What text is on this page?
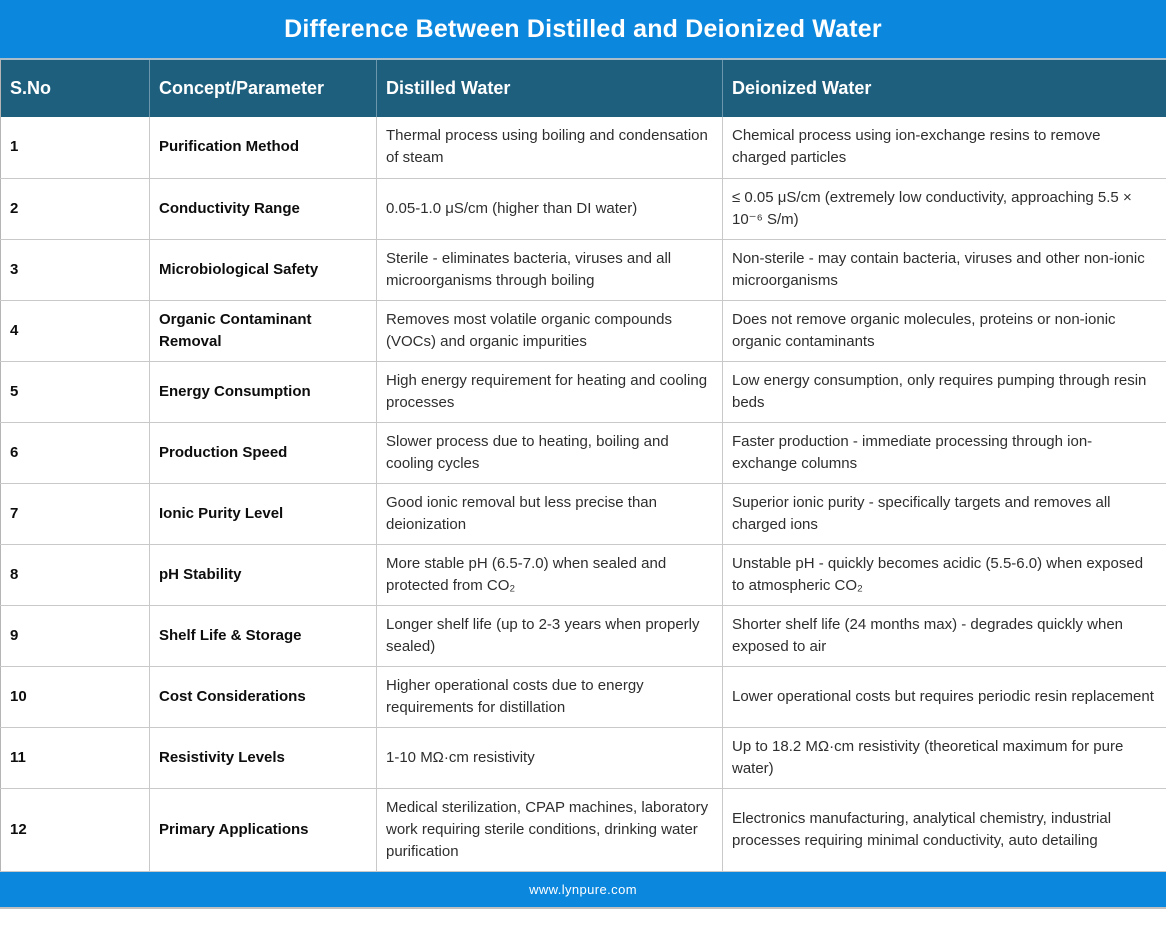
Difference Between Distilled and Deionized Water
S.No	Concept/Parameter	Distilled Water	Deionized Water
1	Purification Method	Thermal process using boiling and condensation of steam	Chemical process using ion-exchange resins to remove charged particles
2	Conductivity Range	0.05-1.0 μS/cm (higher than DI water)	≤ 0.05 μS/cm (extremely low conductivity, approaching 5.5 × 10⁻⁶ S/m)
3	Microbiological Safety	Sterile - eliminates bacteria, viruses and all microorganisms through boiling	Non-sterile - may contain bacteria, viruses and other non-ionic microorganisms
4	Organic Contaminant Removal	Removes most volatile organic compounds (VOCs) and organic impurities	Does not remove organic molecules, proteins or non-ionic organic contaminants
5	Energy Consumption	High energy requirement for heating and cooling processes	Low energy consumption, only requires pumping through resin beds
6	Production Speed	Slower process due to heating, boiling and cooling cycles	Faster production - immediate processing through ion-exchange columns
7	Ionic Purity Level	Good ionic removal but less precise than deionization	Superior ionic purity - specifically targets and removes all charged ions
8	pH Stability	More stable pH (6.5-7.0) when sealed and protected from CO₂	Unstable pH - quickly becomes acidic (5.5-6.0) when exposed to atmospheric CO₂
9	Shelf Life & Storage	Longer shelf life (up to 2-3 years when properly sealed)	Shorter shelf life (24 months max) - degrades quickly when exposed to air
10	Cost Considerations	Higher operational costs due to energy requirements for distillation	Lower operational costs but requires periodic resin replacement
11	Resistivity Levels	1-10 MΩ·cm resistivity	Up to 18.2 MΩ·cm resistivity (theoretical maximum for pure water)
12	Primary Applications	Medical sterilization, CPAP machines, laboratory work requiring sterile conditions, drinking water purification	Electronics manufacturing, analytical chemistry, industrial processes requiring minimal conductivity, auto detailing
www.lynpure.com
